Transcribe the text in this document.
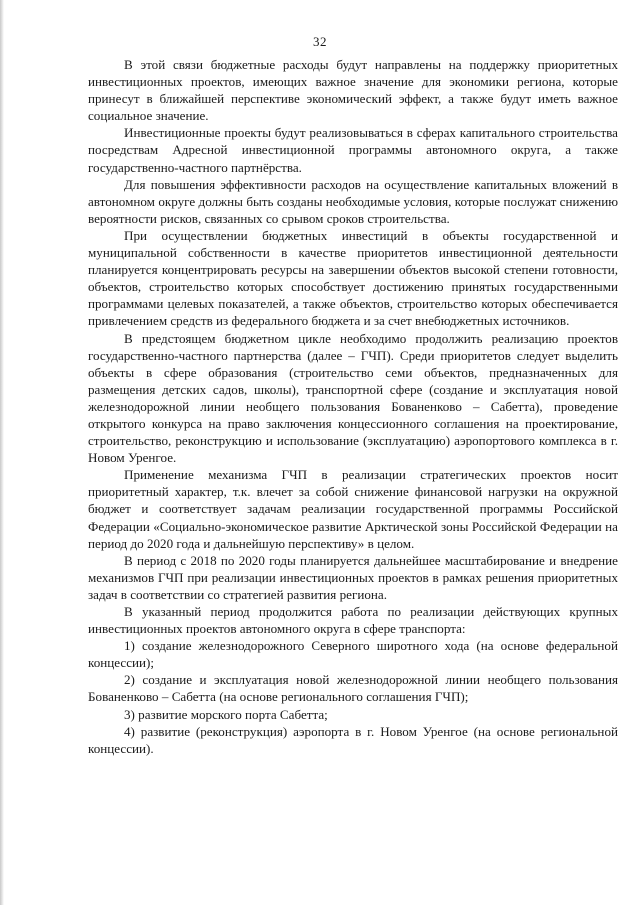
32

В этой связи бюджетные расходы будут направлены на поддержку приоритетных инвестиционных проектов, имеющих важное значение для экономики региона, которые принесут в ближайшей перспективе экономический эффект, а также будут иметь важное социальное значение.

Инвестиционные проекты будут реализовываться в сферах капитального строительства посредствам Адресной инвестиционной программы автономного округа, а также государственно-частного партнёрства.

Для повышения эффективности расходов на осуществление капитальных вложений в автономном округе должны быть созданы необходимые условия, которые послужат снижению вероятности рисков, связанных со срывом сроков строительства.

При осуществлении бюджетных инвестиций в объекты государственной и муниципальной собственности в качестве приоритетов инвестиционной деятельности планируется концентрировать ресурсы на завершении объектов высокой степени готовности, объектов, строительство которых способствует достижению принятых государственными программами целевых показателей, а также объектов, строительство которых обеспечивается привлечением средств из федерального бюджета и за счет внебюджетных источников.

В предстоящем бюджетном цикле необходимо продолжить реализацию проектов государственно-частного партнерства (далее – ГЧП). Среди приоритетов следует выделить объекты в сфере образования (строительство семи объектов, предназначенных для размещения детских садов, школы), транспортной сфере (создание и эксплуатация новой железнодорожной линии необщего пользования Бованенково – Сабетта), проведение открытого конкурса на право заключения концессионного соглашения на проектирование, строительство, реконструкцию и использование (эксплуатацию) аэропортового комплекса в г. Новом Уренгое.

Применение механизма ГЧП в реализации стратегических проектов носит приоритетный характер, т.к. влечет за собой снижение финансовой нагрузки на окружной бюджет и соответствует задачам реализации государственной программы Российской Федерации «Социально-экономическое развитие Арктической зоны Российской Федерации на период до 2020 года и дальнейшую перспективу» в целом.

В период с 2018 по 2020 годы планируется дальнейшее масштабирование и внедрение механизмов ГЧП при реализации инвестиционных проектов в рамках решения приоритетных задач в соответствии со стратегией развития региона.

В указанный период продолжится работа по реализации действующих крупных инвестиционных проектов автономного округа в сфере транспорта:

1) создание железнодорожного Северного широтного хода (на основе федеральной концессии);

2) создание и эксплуатация новой железнодорожной линии необщего пользования Бованенково – Сабетта (на основе регионального соглашения ГЧП);

3) развитие морского порта Сабетта;

4) развитие (реконструкция) аэропорта в г. Новом Уренгое (на основе региональной концессии).
